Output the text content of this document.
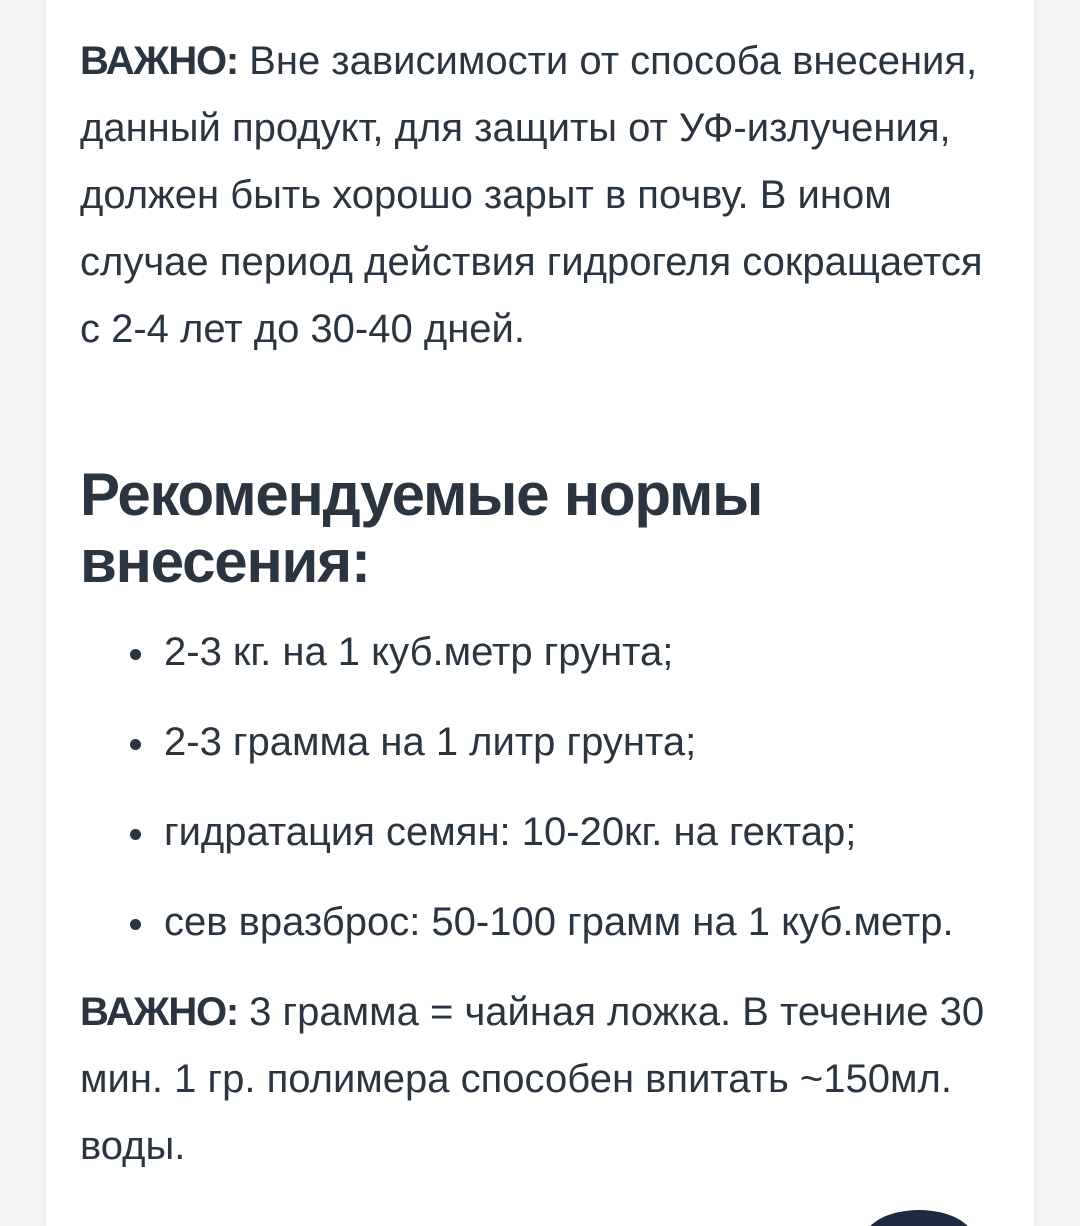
ВАЖНО: Вне зависимости от способа внесения, данный продукт, для защиты от УФ-излучения, должен быть хорошо зарыт в почву. В ином случае период действия гидрогеля сокращается с 2-4 лет до 30-40 дней.

Рекомендуемые нормы внесения:
2-3 кг. на 1 куб.метр грунта;
2-3 грамма на 1 литр грунта;
гидратация семян: 10-20кг. на гектар;
сев вразброс: 50-100 грамм на 1 куб.метр.

ВАЖНО: 3 грамма = чайная ложка. В течение 30 мин. 1 гр. полимера способен впитать ~150мл. воды.
